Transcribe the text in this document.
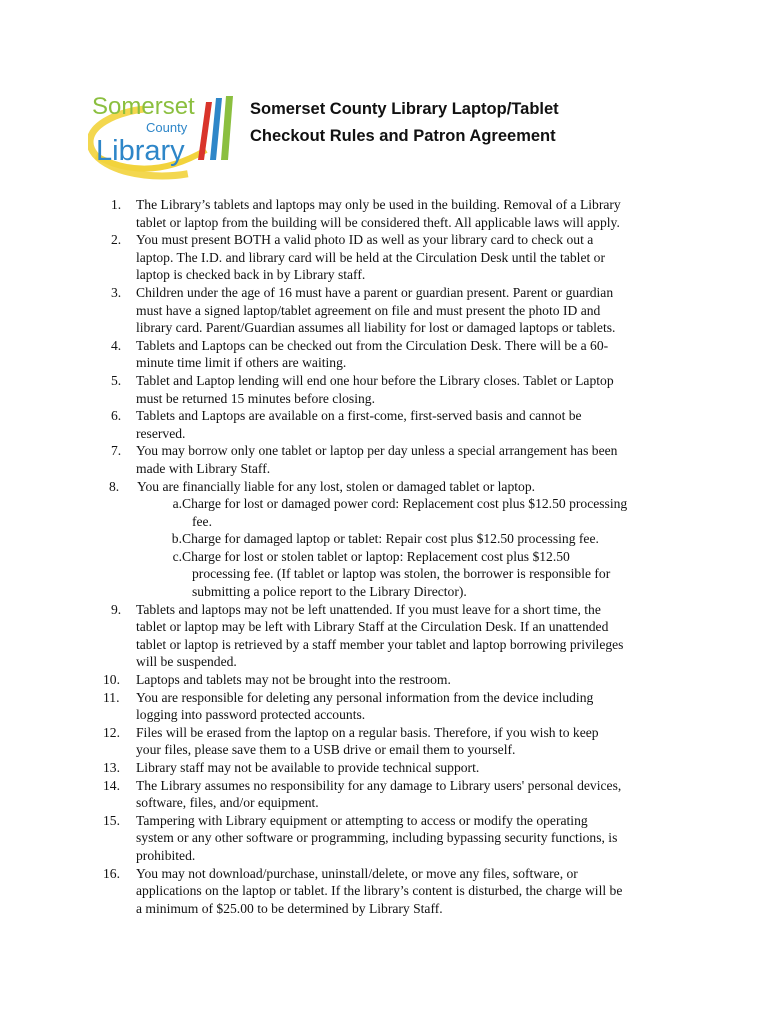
Somerset
County
Library
Somerset County Library Laptop/Tablet
Checkout Rules and Patron Agreement
1.	The Library’s tablets and laptops may only be used in the building. Removal of a Library
tablet or laptop from the building will be considered theft. All applicable laws will apply.
2.	You must present BOTH a valid photo ID as well as your library card to check out a
laptop. The I.D. and library card will be held at the Circulation Desk until the tablet or
laptop is checked back in by Library staff.
3.	Children under the age of 16 must have a parent or guardian present. Parent or guardian
must have a signed laptop/tablet agreement on file and must present the photo ID and
library card. Parent/Guardian assumes all liability for lost or damaged laptops or tablets.
4.	Tablets and Laptops can be checked out from the Circulation Desk. There will be a 60-
minute time limit if others are waiting.
5.	Tablet and Laptop lending will end one hour before the Library closes. Tablet or Laptop
must be returned 15 minutes before closing.
6.	Tablets and Laptops are available on a first-come, first-served basis and cannot be
reserved.
7.	You may borrow only one tablet or laptop per day unless a special arrangement has been
made with Library Staff.
8.	You are financially liable for any lost, stolen or damaged tablet or laptop.
a. Charge for lost or damaged power cord: Replacement cost plus $12.50 processing
fee.
b. Charge for damaged laptop or tablet: Repair cost plus $12.50 processing fee.
c. Charge for lost or stolen tablet or laptop: Replacement cost plus $12.50
processing fee. (If tablet or laptop was stolen, the borrower is responsible for
submitting a police report to the Library Director).
9.	Tablets and laptops may not be left unattended. If you must leave for a short time, the
tablet or laptop may be left with Library Staff at the Circulation Desk. If an unattended
tablet or laptop is retrieved by a staff member your tablet and laptop borrowing privileges
will be suspended.
10.	Laptops and tablets may not be brought into the restroom.
11.	You are responsible for deleting any personal information from the device including
logging into password protected accounts.
12.	Files will be erased from the laptop on a regular basis. Therefore, if you wish to keep
your files, please save them to a USB drive or email them to yourself.
13.	Library staff may not be available to provide technical support.
14.	The Library assumes no responsibility for any damage to Library users' personal devices,
software, files, and/or equipment.
15.	Tampering with Library equipment or attempting to access or modify the operating
system or any other software or programming, including bypassing security functions, is
prohibited.
16.	You may not download/purchase, uninstall/delete, or move any files, software, or
applications on the laptop or tablet. If the library’s content is disturbed, the charge will be
a minimum of $25.00 to be determined by Library Staff.
